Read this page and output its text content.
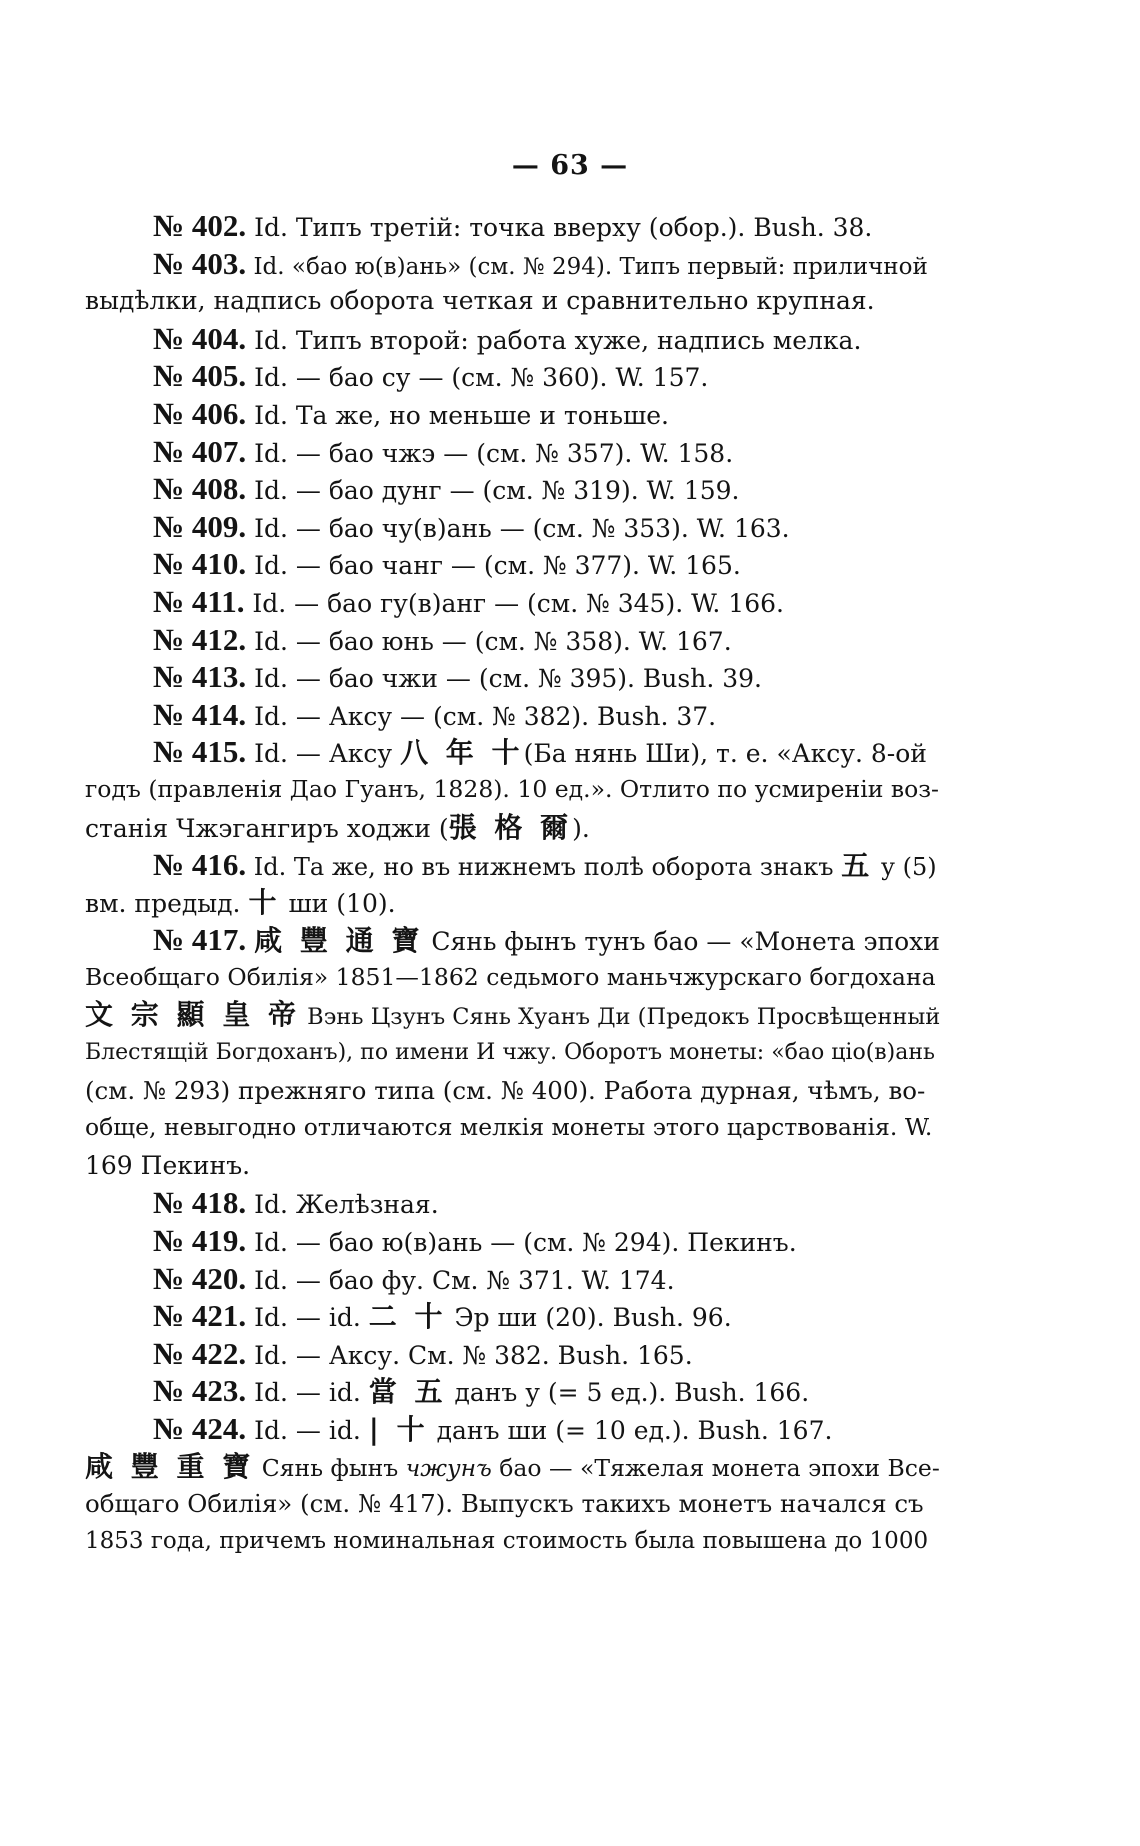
— 63 —
№ 402. Id. Типъ третій: точка вверху (обор.). Bush. 38.
№ 403. Id. «бао ю(в)ань» (см. № 294). Типъ первый: приличной
выдѣлки, надпись оборота четкая и сравнительно крупная.
№ 404. Id. Типъ второй: работа хуже, надпись мелка.
№ 405. Id. — бао су — (см. № 360). W. 157.
№ 406. Id. Та же, но меньше и тоньше.
№ 407. Id. — бао чжэ — (см. № 357). W. 158.
№ 408. Id. — бао дунг — (см. № 319). W. 159.
№ 409. Id. — бао чу(в)ань — (см. № 353). W. 163.
№ 410. Id. — бао чанг — (см. № 377). W. 165.
№ 411. Id. — бао гу(в)анг — (см. № 345). W. 166.
№ 412. Id. — бао юнь — (см. № 358). W. 167.
№ 413. Id. — бао чжи — (см. № 395). Bush. 39.
№ 414. Id. — Аксу — (см. № 382). Bush. 37.
№ 415. Id. — Аксу 八 年 十(Ба нянь Ши), т. е. «Аксу. 8-ой
годъ (правленія Дао Гуанъ, 1828). 10 ед.». Отлито по усмиреніи воз-
станія Чжэгангиръ ходжи (張 格 爾).
№ 416. Id. Та же, но въ нижнемъ полѣ оборота знакъ 五 у (5)
вм. предыд. 十 ши (10).
№ 417. 咸 豐 通 寶 Сянь фынъ тунъ бао — «Монета эпохи
Всеобщаго Обилія» 1851—1862 седьмого маньчжурскаго богдохана
文 宗 顯 皇 帝 Вэнь Цзунъ Сянь Хуанъ Ди (Предокъ Просвѣщенный
Блестящій Богдоханъ), по имени И чжу. Оборотъ монеты: «бао ціо(в)ань
(см. № 293) прежняго типа (см. № 400). Работа дурная, чѣмъ, во-
обще, невыгодно отличаются мелкія монеты этого царствованія. W.
169 Пекинъ.
№ 418. Id. Желѣзная.
№ 419. Id. — бао ю(в)ань — (см. № 294). Пекинъ.
№ 420. Id. — бао фу. См. № 371. W. 174.
№ 421. Id. — id. 二 十 Эр ши (20). Bush. 96.
№ 422. Id. — Аксу. См. № 382. Bush. 165.
№ 423. Id. — id. 當 五 данъ у (= 5 ед.). Bush. 166.
№ 424. Id. — id. | 十 данъ ши (= 10 ед.). Bush. 167.
咸 豐 重 寶 Сянь фынъ чжунъ бао — «Тяжелая монета эпохи Все-
общаго Обилія» (см. № 417). Выпускъ такихъ монетъ начался съ
1853 года, причемъ номинальная стоимость была повышена до 1000
